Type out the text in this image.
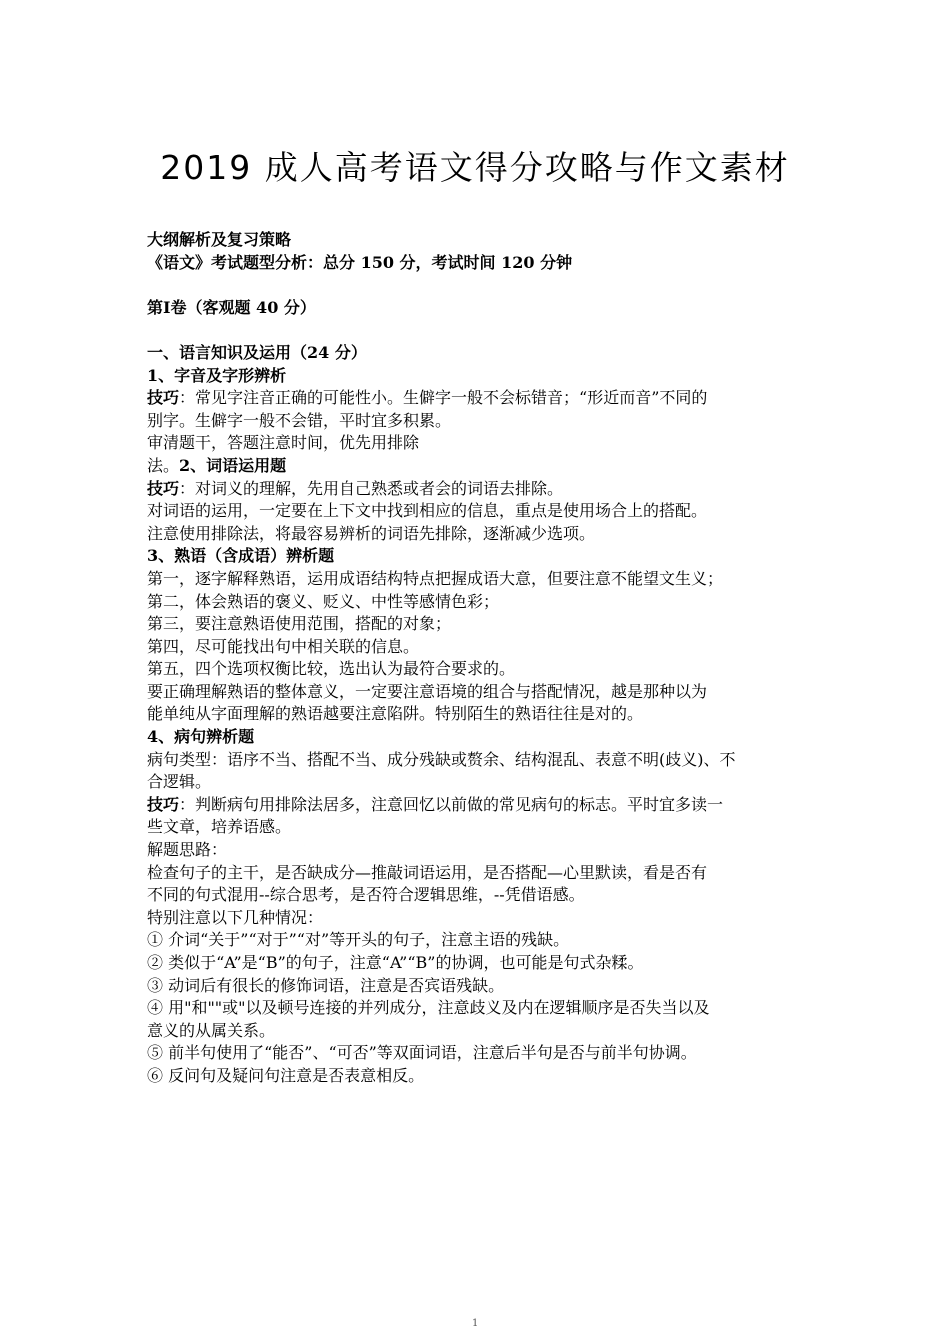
2019 成人高考语文得分攻略与作文素材

大纲解析及复习策略

《语文》考试题型分析：总分 150 分，考试时间 120 分钟

第Ⅰ卷（客观题 40 分）

一、语言知识及运用（24 分）

1、字音及字形辨析

技巧：常见字注音正确的可能性小。生僻字一般不会标错音；“形近而音”不同的

别字。生僻字一般不会错，平时宜多积累。

审清题干，答题注意时间，优先用排除

法。2、词语运用题

技巧：对词义的理解，先用自己熟悉或者会的词语去排除。

对词语的运用，一定要在上下文中找到相应的信息，重点是使用场合上的搭配。

注意使用排除法，将最容易辨析的词语先排除，逐渐减少选项。

3、熟语（含成语）辨析题

第一，逐字解释熟语，运用成语结构特点把握成语大意，但要注意不能望文生义；

第二，体会熟语的褒义、贬义、中性等感情色彩；

第三，要注意熟语使用范围，搭配的对象；

第四，尽可能找出句中相关联的信息。

第五，四个选项权衡比较，选出认为最符合要求的。

要正确理解熟语的整体意义，一定要注意语境的组合与搭配情况，越是那种以为

能单纯从字面理解的熟语越要注意陷阱。特别陌生的熟语往往是对的。

4、病句辨析题

病句类型：语序不当、搭配不当、成分残缺或赘余、结构混乱、表意不明(歧义)、不

合逻辑。

技巧：判断病句用排除法居多，注意回忆以前做的常见病句的标志。平时宜多读一

些文章，培养语感。

解题思路：

检查句子的主干，是否缺成分—推敲词语运用，是否搭配—心里默读，看是否有

不同的句式混用--综合思考，是否符合逻辑思维，--凭借语感。

特别注意以下几种情况：

① 介词“关于”“对于”“对”等开头的句子，注意主语的残缺。

② 类似于“A”是“B”的句子，注意“A”“B”的协调，也可能是句式杂糅。

③ 动词后有很长的修饰词语，注意是否宾语残缺。

④ 用"和""或"以及顿号连接的并列成分，注意歧义及内在逻辑顺序是否失当以及

意义的从属关系。

⑤ 前半句使用了“能否”、“可否”等双面词语，注意后半句是否与前半句协调。

⑥ 反问句及疑问句注意是否表意相反。

1
